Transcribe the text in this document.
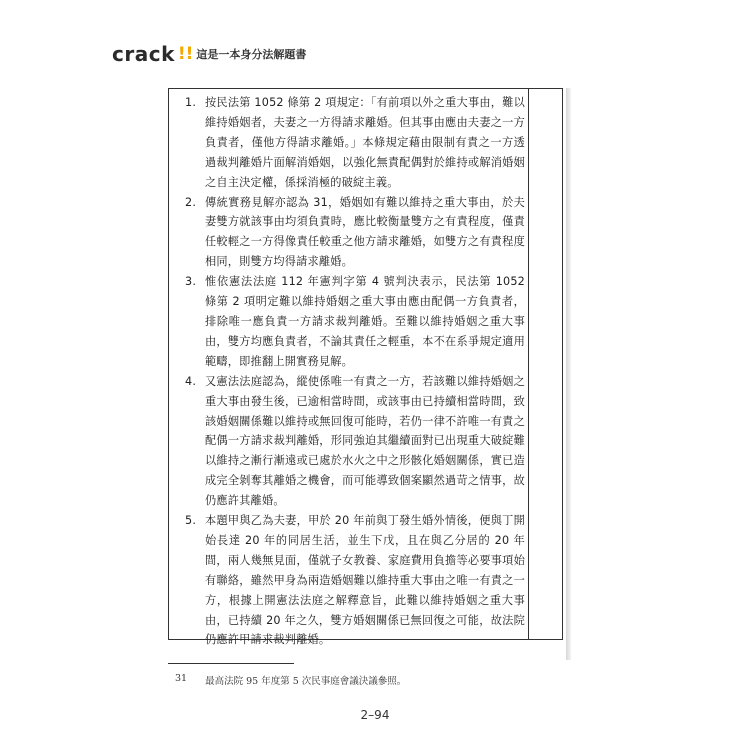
crack !! 這是一本身分法解題書
1. 按民法第 1052 條第 2 項規定：「有前項以外之重大事由，難以維持婚姻者，夫妻之一方得請求離婚。但其事由應由夫妻之一方負責者，僅他方得請求離婚。」本條規定藉由限制有責之一方透過裁判離婚片面解消婚姻，以強化無責配偶對於維持或解消婚姻之自主決定權，係採消極的破綻主義。
2. 傳統實務見解亦認為 31，婚姻如有難以維持之重大事由，於夫妻雙方就該事由均須負責時，應比較衡量雙方之有責程度，僅責任較輕之一方得像責任較重之他方請求離婚，如雙方之有責程度相同，則雙方均得請求離婚。
3. 惟依憲法法庭 112 年憲判字第 4 號判決表示，民法第 1052 條第 2 項明定難以維持婚姻之重大事由應由配偶一方負責者，排除唯一應負責一方請求裁判離婚。至難以維持婚姻之重大事由，雙方均應負責者，不論其責任之輕重，本不在系爭規定適用範疇，即推翻上開實務見解。
4. 又憲法法庭認為，縱使係唯一有責之一方，若該難以維持婚姻之重大事由發生後，已逾相當時間，或該事由已持續相當時間，致該婚姻關係難以維持或無回復可能時，若仍一律不許唯一有責之配偶一方請求裁判離婚，形同強迫其繼續面對已出現重大破綻難以維持之漸行漸遠或已處於水火之中之形骸化婚姻關係，實已造成完全剝奪其離婚之機會，而可能導致個案顯然過苛之情事，故仍應許其離婚。
5. 本題甲與乙為夫妻，甲於 20 年前與丁發生婚外情後，便與丁開始長達 20 年的同居生活，並生下戊，且在與乙分居的 20 年間，兩人幾無見面，僅就子女教養、家庭費用負擔等必要事項始有聯絡，雖然甲身為兩造婚姻難以維持重大事由之唯一有責之一方，根據上開憲法法庭之解釋意旨，此難以維持婚姻之重大事由，已持續 20 年之久，雙方婚姻關係已無回復之可能，故法院仍應許甲請求裁判離婚。
31 最高法院 95 年度第 5 次民事庭會議決議參照。
2–94
